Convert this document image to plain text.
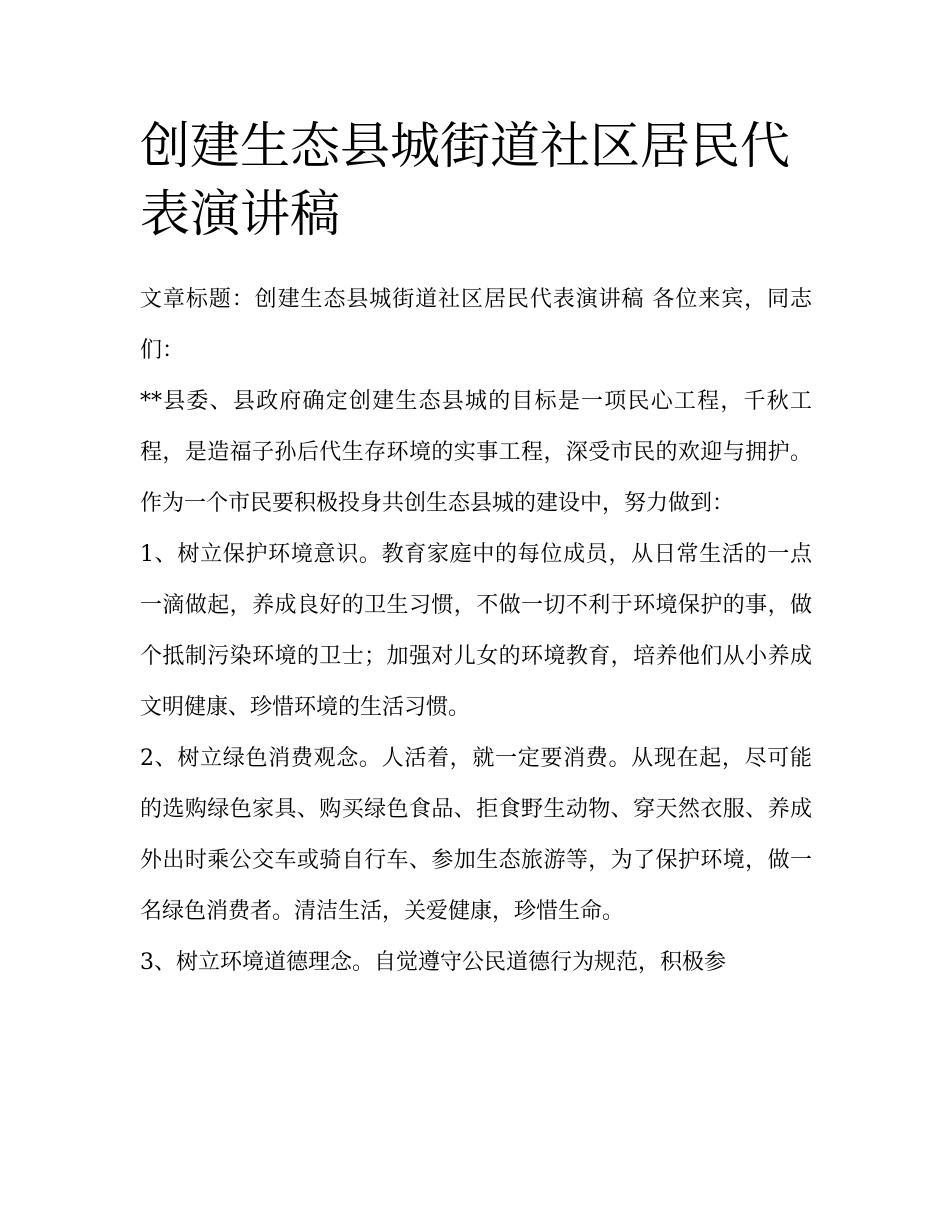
创建生态县城街道社区居民代表演讲稿

文章标题：创建生态县城街道社区居民代表演讲稿 各位来宾，同志们：

**县委、县政府确定创建生态县城的目标是一项民心工程，千秋工程，是造福子孙后代生存环境的实事工程，深受市民的欢迎与拥护。作为一个市民要积极投身共创生态县城的建设中，努力做到：

1、树立保护环境意识。教育家庭中的每位成员，从日常生活的一点一滴做起，养成良好的卫生习惯，不做一切不利于环境保护的事，做个抵制污染环境的卫士；加强对儿女的环境教育，培养他们从小养成文明健康、珍惜环境的生活习惯。

2、树立绿色消费观念。人活着，就一定要消费。从现在起，尽可能的选购绿色家具、购买绿色食品、拒食野生动物、穿天然衣服、养成外出时乘公交车或骑自行车、参加生态旅游等，为了保护环境，做一名绿色消费者。清洁生活，关爱健康，珍惜生命。

3、树立环境道德理念。自觉遵守公民道德行为规范，积极参
